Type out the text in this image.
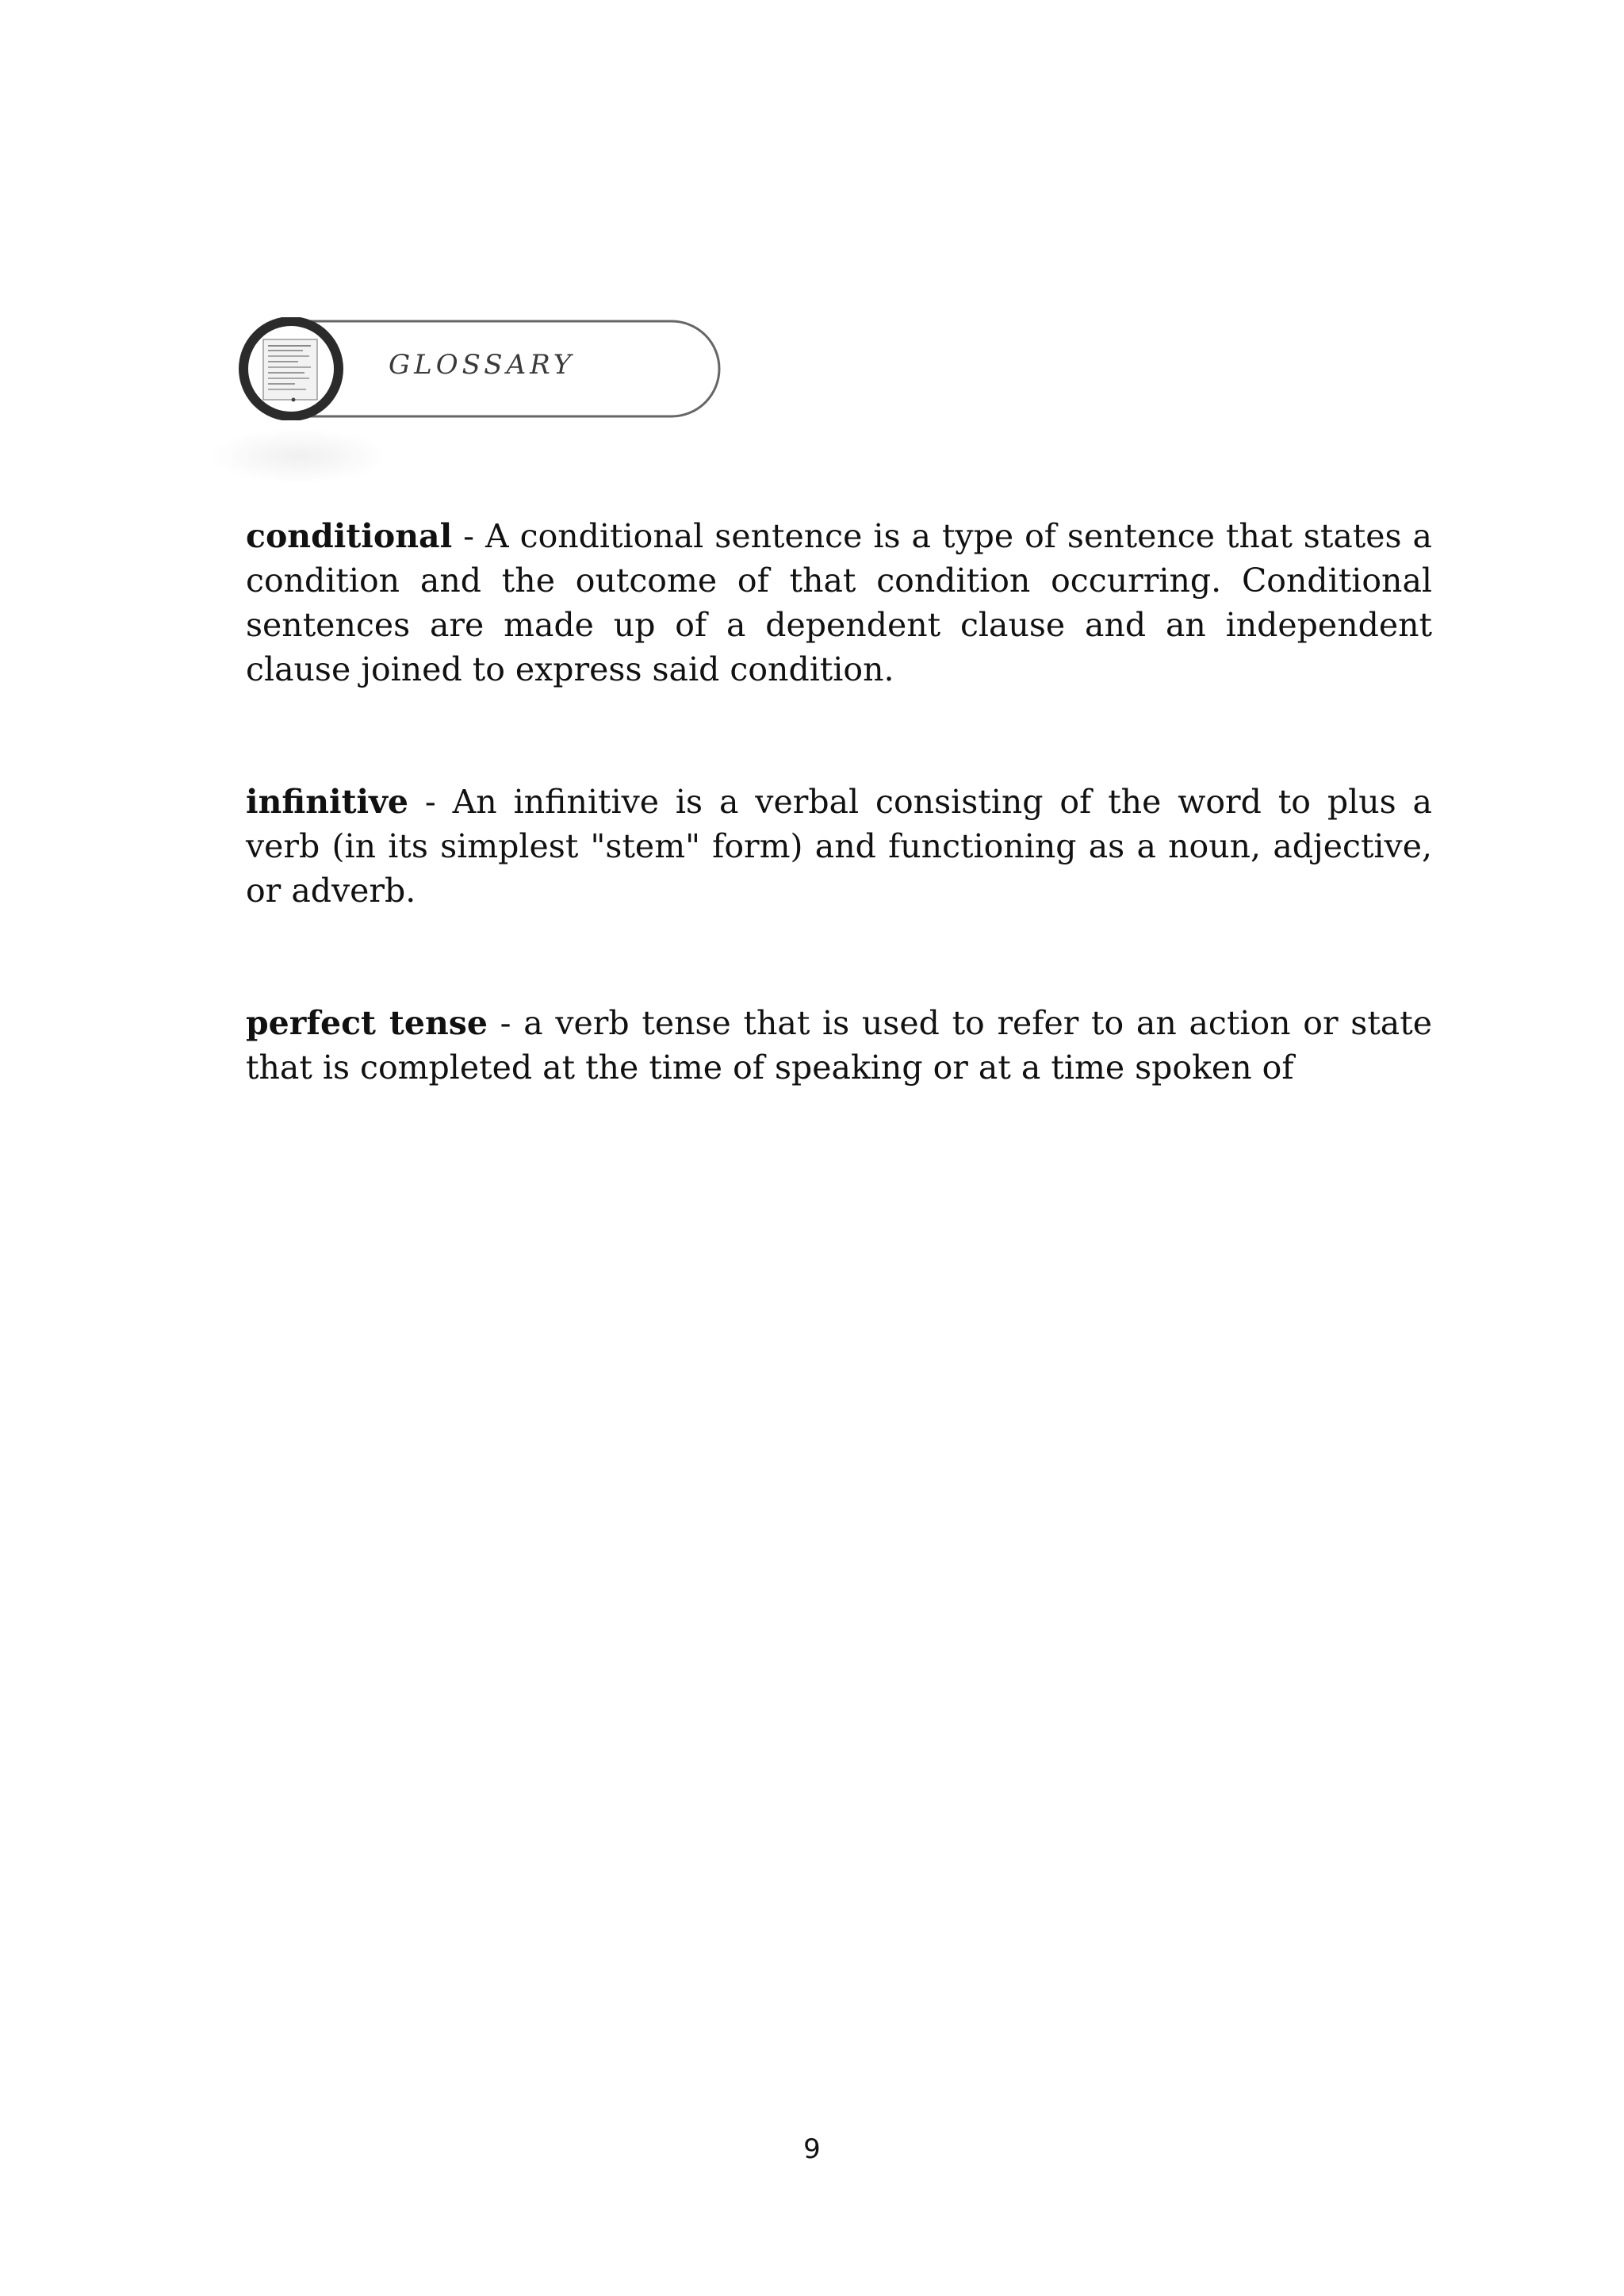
GLOSSARY

conditional - A conditional sentence is a type of sentence that states a condition and the outcome of that condition occurring. Conditional sentences are made up of a dependent clause and an independent clause joined to express said condition.

infinitive - An infinitive is a verbal consisting of the word to plus a verb (in its simplest "stem" form) and functioning as a noun, adjective, or adverb.

perfect tense - a verb tense that is used to refer to an action or state that is completed at the time of speaking or at a time spoken of

9
